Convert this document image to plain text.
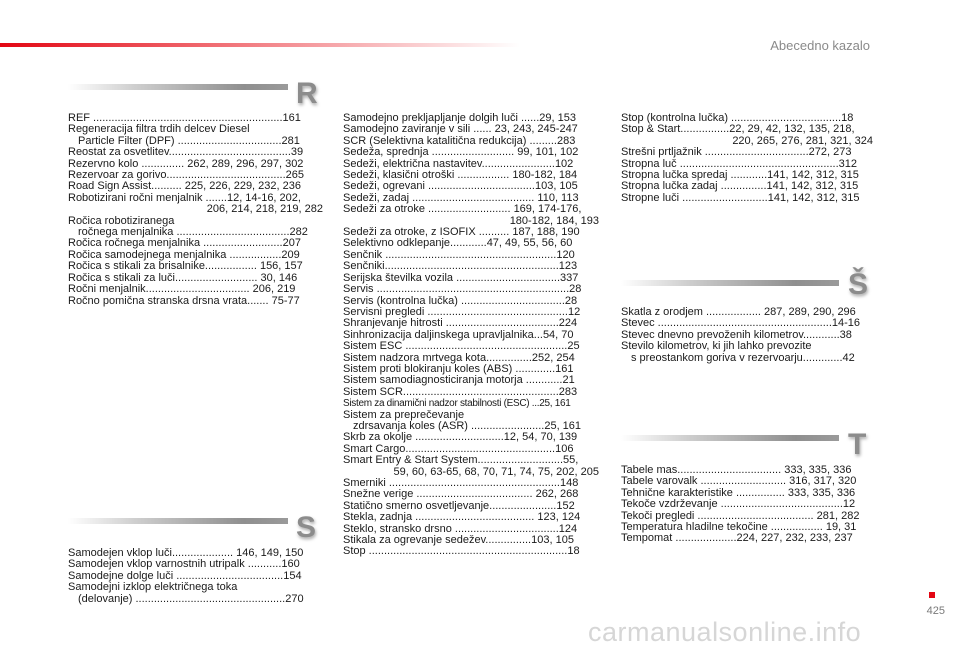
Abecedno kazalo
R
REF ..............................................................161
Regeneracija filtra trdih delcev Diesel
Particle Filter (DPF) ..................................281
Reostat za osvetlitev........................................39
Rezervno kolo .............. 262, 289, 296, 297, 302
Rezervoar za gorivo.......................................265
Road Sign Assist.......... 225, 226, 229, 232, 236
Robotizirani ročni menjalnik .......12, 14-16, 202,
206, 214, 218, 219, 282
Ročica robotiziranega
ročnega menjalnika .....................................282
Ročica ročnega menjalnika ..........................207
Ročica samodejnega menjalnika .................209
Ročica s stikali za brisalnike................. 156, 157
Ročica s stikali za luči........................... 30, 146
Ročni menjalnik.................................. 206, 219
Ročno pomična stranska drsna vrata....... 75-77
Samodejno prekljapljanje dolgih luči ......29, 153
Samodejno zaviranje v sili ...... 23, 243, 245-247
SCR (Selektivna katalitična redukcija) .........283
Sedeža, sprednja ........................... 99, 101, 102
Sedeži, električna nastavitev........................102
Sedeži, klasični otroški ................. 180-182, 184
Sedeži, ogrevani ...................................103, 105
Sedeži, zadaj ........................................ 110, 113
Sedeži za otroke ........................... 169, 174-176,
180-182, 184, 193
Sedeži za otroke, z ISOFIX .......... 187, 188, 190
Selektivno odklepanje............47, 49, 55, 56, 60
Senčnik ........................................................120
Senčniki.........................................................123
Serijska številka vozila ..................................337
Servis ...............................................................28
Servis (kontrolna lučka) ..................................28
Servisni pregledi ..............................................12
Shranjevanje hitrosti .....................................224
Sinhronizacija daljinskega upravljalnika...54, 70
Sistem ESC .....................................................25
Sistem nadzora mrtvega kota...............252, 254
Sistem proti blokiranju koles (ABS) .............161
Sistem samodiagnosticiranja motorja ............21
Sistem SCR...................................................283
Sistem za dinamični nadzor stabilnosti (ESC) ...25, 161
Sistem za preprečevanje
zdrsavanja koles (ASR) ........................25, 161
Skrb za okolje .............................12, 54, 70, 139
Smart Cargo.................................................106
Smart Entry & Start System............................55,
59, 60, 63-65, 68, 70, 71, 74, 75, 202, 205
Smerniki ........................................................148
Snežne verige ...................................... 262, 268
Statično smerno osvetljevanje......................152
Stekla, zadnja ....................................... 123, 124
Steklo, stransko drsno ..................................124
Stikala za ogrevanje sedežev...............103, 105
Stop .................................................................18
Stop (kontrolna lučka) ....................................18
Stop & Start................22, 29, 42, 132, 135, 218,
220, 265, 276, 281, 321, 324
Strešni prtljažnik ..................................272, 273
Stropna luč ....................................................312
Stropna lučka spredaj ............141, 142, 312, 315
Stropna lučka zadaj ...............141, 142, 312, 315
Stropne luči ............................141, 142, 312, 315
S
Samodejen vklop luči.................... 146, 149, 150
Samodejen vklop varnostnih utripalk ...........160
Samodejne dolge luči ...................................154
Samodejni izklop električnega toka
(delovanje) .................................................270
Š
Škatla z orodjem .................. 287, 289, 290, 296
Števec .........................................................14-16
Števec dnevno prevoženih kilometrov............38
Število kilometrov, ki jih lahko prevozite
s preostankom goriva v rezervoarju.............42
T
Tabele mas.................................. 333, 335, 336
Tabele varovalk ............................ 316, 317, 320
Tehnične karakteristike ................ 333, 335, 336
Tekoče vzdrževanje ........................................12
Tekoči pregledi ...................................... 281, 282
Temperatura hladilne tekočine ................. 19, 31
Tempomat ....................224, 227, 232, 233, 237
425
carmanualsonline.info
